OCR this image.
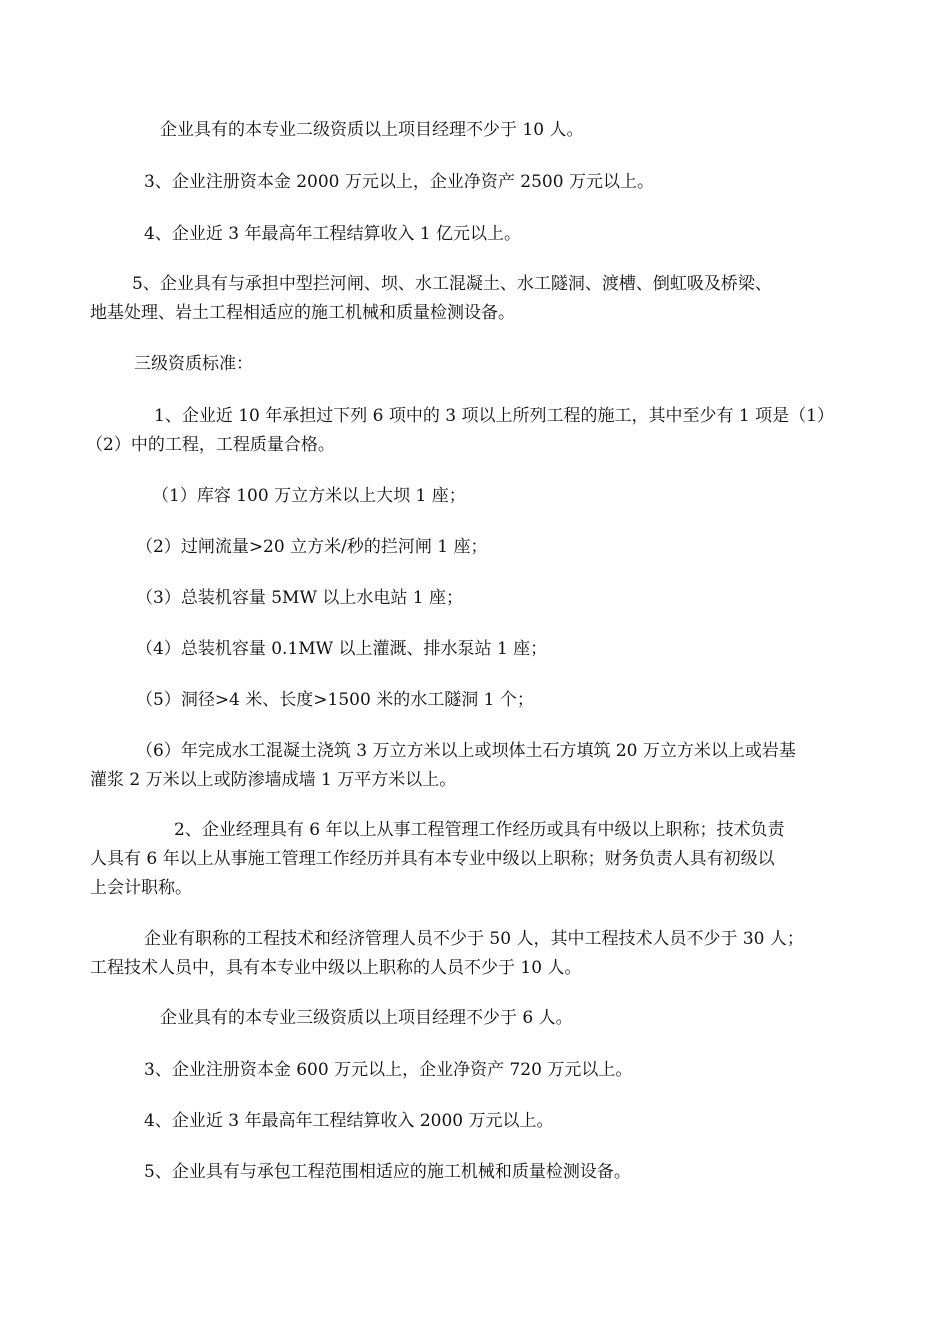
企业具有的本专业二级资质以上项目经理不少于 10 人。

3、企业注册资本金 2000 万元以上，企业净资产 2500 万元以上。

4、企业近 3 年最高年工程结算收入 1 亿元以上。

5、企业具有与承担中型拦河闸、坝、水工混凝土、水工隧洞、渡槽、倒虹吸及桥梁、
地基处理、岩土工程相适应的施工机械和质量检测设备。

三级资质标准：

1、企业近 10 年承担过下列 6 项中的 3 项以上所列工程的施工，其中至少有 1 项是（1）
（2）中的工程，工程质量合格。

（1）库容 100 万立方米以上大坝 1 座；

（2）过闸流量>20 立方米/秒的拦河闸 1 座；

（3）总装机容量 5MW 以上水电站 1 座；

（4）总装机容量 0.1MW 以上灌溉、排水泵站 1 座；

（5）洞径>4 米、长度>1500 米的水工隧洞 1 个；

（6）年完成水工混凝土浇筑 3 万立方米以上或坝体土石方填筑 20 万立方米以上或岩基
灌浆 2 万米以上或防渗墙成墙 1 万平方米以上。

2、企业经理具有 6 年以上从事工程管理工作经历或具有中级以上职称；技术负责
人具有 6 年以上从事施工管理工作经历并具有本专业中级以上职称；财务负责人具有初级以
上会计职称。

企业有职称的工程技术和经济管理人员不少于 50 人，其中工程技术人员不少于 30 人；
工程技术人员中，具有本专业中级以上职称的人员不少于 10 人。

企业具有的本专业三级资质以上项目经理不少于 6 人。

3、企业注册资本金 600 万元以上，企业净资产 720 万元以上。

4、企业近 3 年最高年工程结算收入 2000 万元以上。

5、企业具有与承包工程范围相适应的施工机械和质量检测设备。
